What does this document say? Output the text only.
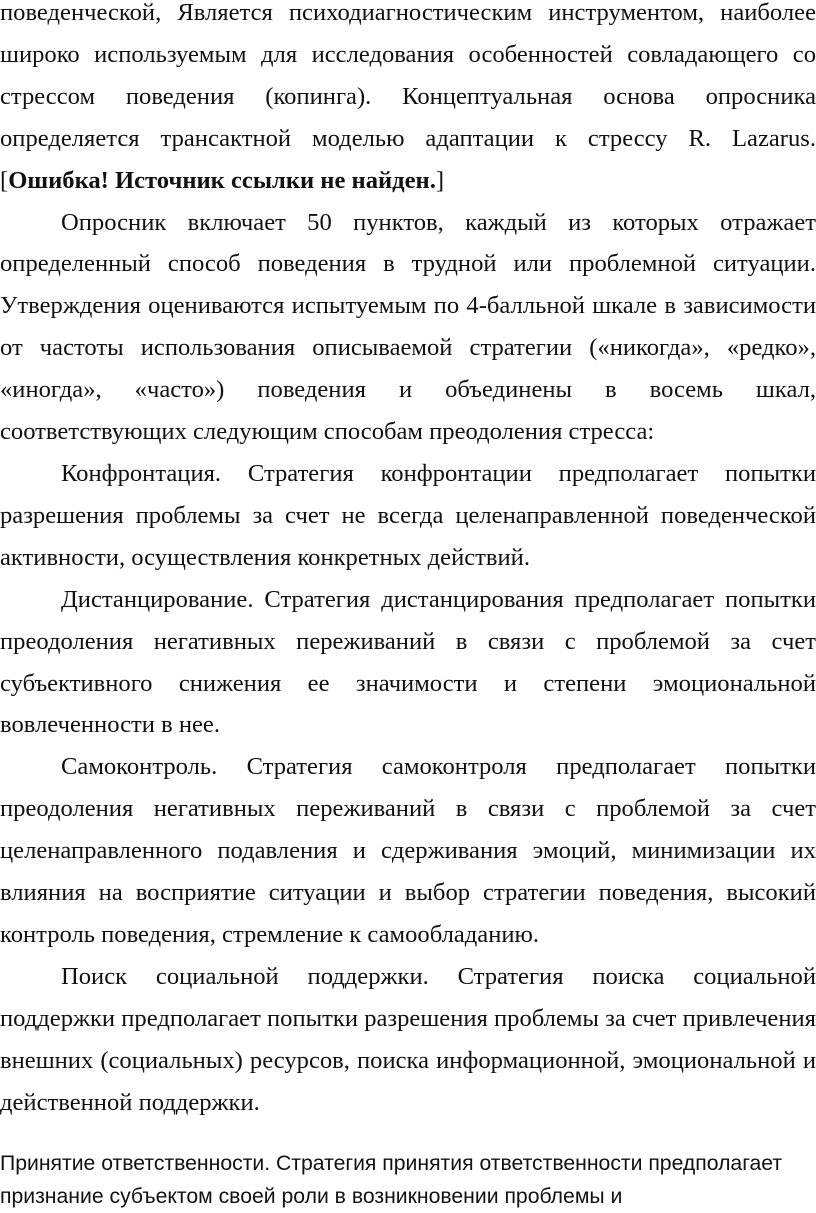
поведенческой, Является психодиагностическим инструментом, наиболее широко используемым для исследования особенностей совладающего со стрессом поведения (копинга). Концептуальная основа опросника определяется трансактной моделью адаптации к стрессу R. Lazarus. [Ошибка! Источник ссылки не найден.]

Опросник включает 50 пунктов, каждый из которых отражает определенный способ поведения в трудной или проблемной ситуации. Утверждения оцениваются испытуемым по 4-балльной шкале в зависимости от частоты использования описываемой стратегии («никогда», «редко», «иногда», «часто») поведения и объединены в восемь шкал, соответствующих следующим способам преодоления стресса:

Конфронтация. Стратегия конфронтации предполагает попытки разрешения проблемы за счет не всегда целенаправленной поведенческой активности, осуществления конкретных действий.

Дистанцирование. Стратегия дистанцирования предполагает попытки преодоления негативных переживаний в связи с проблемой за счет субъективного снижения ее значимости и степени эмоциональной вовлеченности в нее.

Самоконтроль. Стратегия самоконтроля предполагает попытки преодоления негативных переживаний в связи с проблемой за счет целенаправленного подавления и сдерживания эмоций, минимизации их влияния на восприятие ситуации и выбор стратегии поведения, высокий контроль поведения, стремление к самообладанию.

Поиск социальной поддержки. Стратегия поиска социальной поддержки предполагает попытки разрешения проблемы за счет привлечения внешних (социальных) ресурсов, поиска информационной, эмоциональной и действенной поддержки.

Принятие ответственности. Стратегия принятия ответственности предполагает признание субъектом своей роли в возникновении проблемы и
